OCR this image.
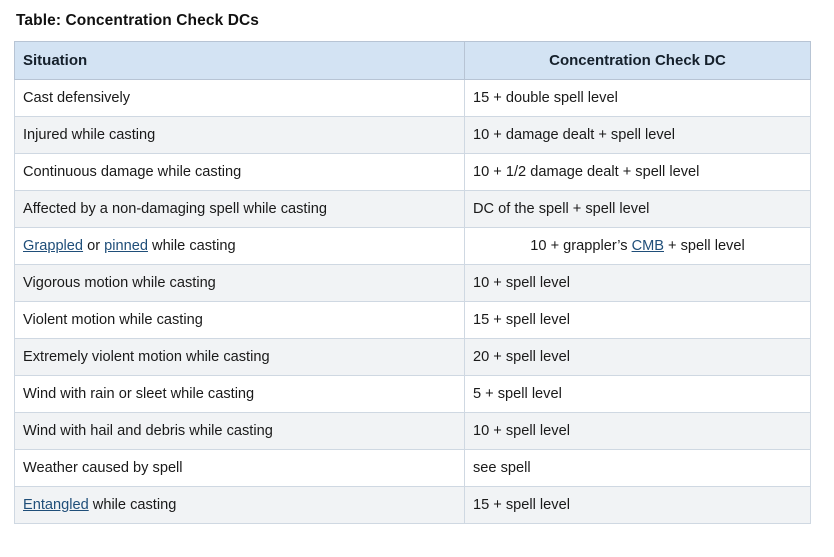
Table: Concentration Check DCs
Situation	Concentration Check DC
Cast defensively	15 + double spell level
Injured while casting	10 + damage dealt + spell level
Continuous damage while casting	10 + 1/2 damage dealt + spell level
Affected by a non-damaging spell while casting	DC of the spell + spell level
Grappled or pinned while casting	10 + grappler’s CMB + spell level
Vigorous motion while casting	10 + spell level
Violent motion while casting	15 + spell level
Extremely violent motion while casting	20 + spell level
Wind with rain or sleet while casting	5 + spell level
Wind with hail and debris while casting	10 + spell level
Weather caused by spell	see spell
Entangled while casting	15 + spell level
